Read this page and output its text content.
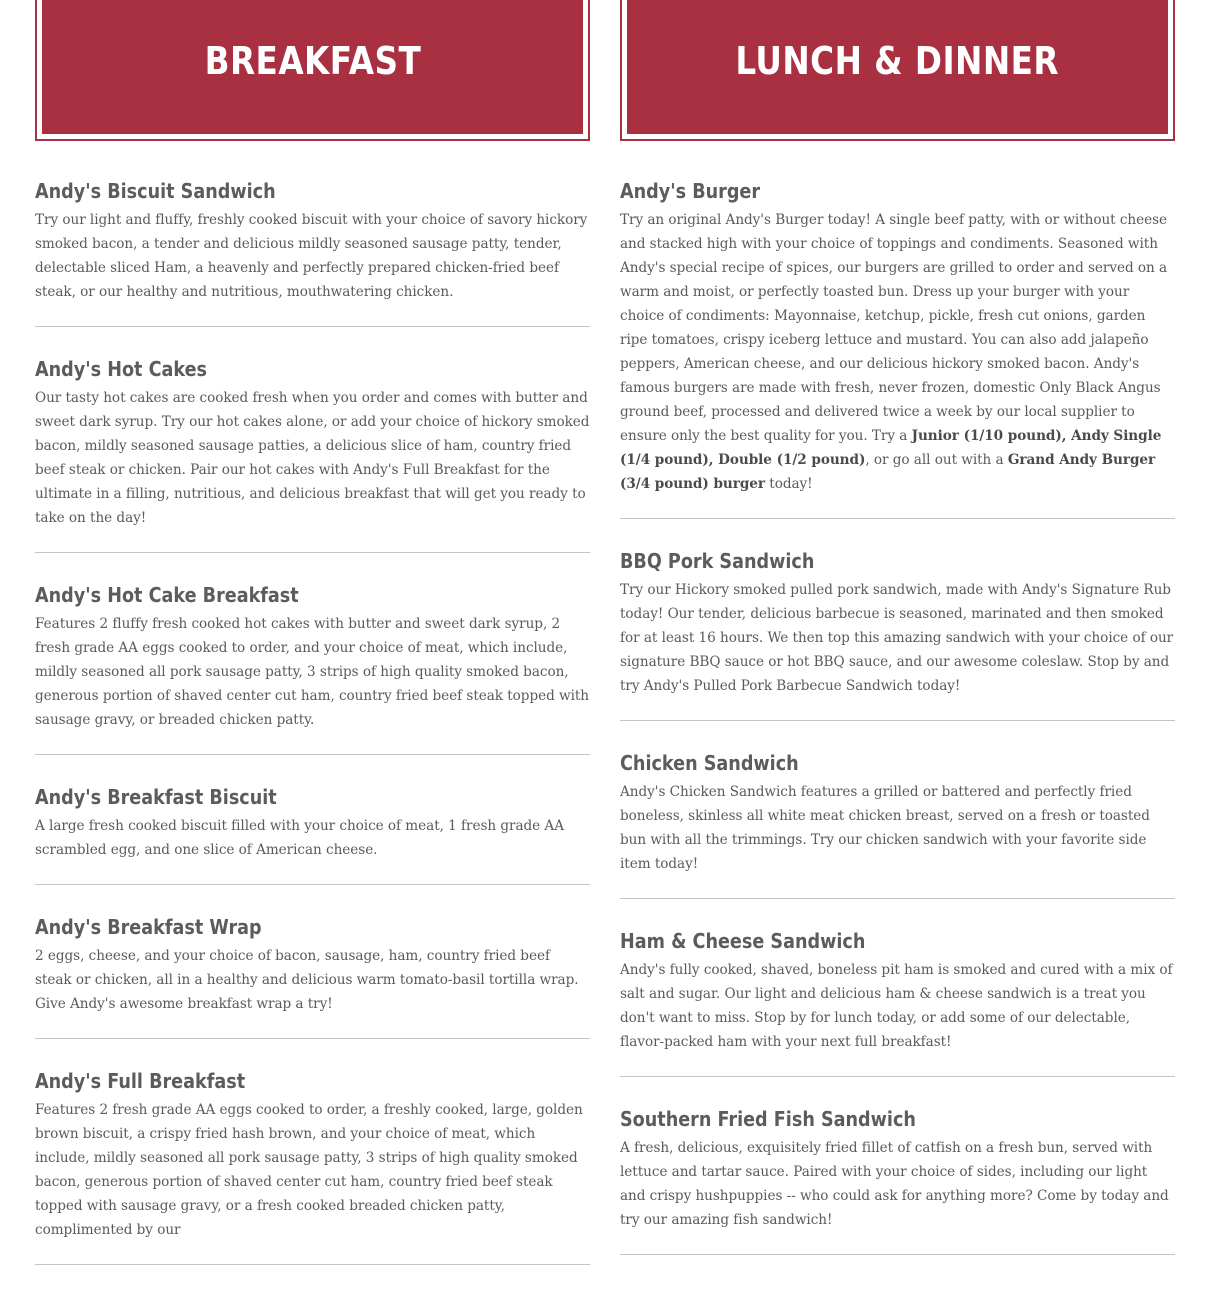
BREAKFAST
Andy's Biscuit Sandwich

Try our light and fluffy, freshly cooked biscuit with your choice of savory hickory smoked bacon, a tender and delicious mildly seasoned sausage patty, tender, delectable sliced Ham, a heavenly and perfectly prepared chicken-fried beef steak, or our healthy and nutritious, mouthwatering chicken.

Andy's Hot Cakes

Our tasty hot cakes are cooked fresh when you order and comes with butter and sweet dark syrup. Try our hot cakes alone, or add your choice of hickory smoked bacon, mildly seasoned sausage patties, a delicious slice of ham, country fried beef steak or chicken. Pair our hot cakes with Andy's Full Breakfast for the ultimate in a filling, nutritious, and delicious breakfast that will get you ready to take on the day!

Andy's Hot Cake Breakfast

Features 2 fluffy fresh cooked hot cakes with butter and sweet dark syrup, 2 fresh grade AA eggs cooked to order, and your choice of meat, which include, mildly seasoned all pork sausage patty, 3 strips of high quality smoked bacon, generous portion of shaved center cut ham, country fried beef steak topped with sausage gravy, or breaded chicken patty.

Andy's Breakfast Biscuit

A large fresh cooked biscuit filled with your choice of meat, 1 fresh grade AA scrambled egg, and one slice of American cheese.

Andy's Breakfast Wrap

2 eggs, cheese, and your choice of bacon, sausage, ham, country fried beef steak or chicken, all in a healthy and delicious warm tomato-basil tortilla wrap. Give Andy's awesome breakfast wrap a try!

Andy's Full Breakfast

Features 2 fresh grade AA eggs cooked to order, a freshly cooked, large, golden brown biscuit, a crispy fried hash brown, and your choice of meat, which include, mildly seasoned all pork sausage patty, 3 strips of high quality smoked bacon, generous portion of shaved center cut ham, country fried beef steak topped with sausage gravy, or a fresh cooked breaded chicken patty, complimented by our

LUNCH & DINNER
Andy's Burger

Try an original Andy's Burger today! A single beef patty, with or without cheese and stacked high with your choice of toppings and condiments. Seasoned with Andy's special recipe of spices, our burgers are grilled to order and served on a warm and moist, or perfectly toasted bun. Dress up your burger with your choice of condiments: Mayonnaise, ketchup, pickle, fresh cut onions, garden ripe tomatoes, crispy iceberg lettuce and mustard. You can also add jalapeño peppers, American cheese, and our delicious hickory smoked bacon. Andy's famous burgers are made with fresh, never frozen, domestic Only Black Angus ground beef, processed and delivered twice a week by our local supplier to ensure only the best quality for you. Try a Junior (1/10 pound), Andy Single (1/4 pound), Double (1/2 pound), or go all out with a Grand Andy Burger (3/4 pound) burger today!

BBQ Pork Sandwich

Try our Hickory smoked pulled pork sandwich, made with Andy's Signature Rub today! Our tender, delicious barbecue is seasoned, marinated and then smoked for at least 16 hours. We then top this amazing sandwich with your choice of our signature BBQ sauce or hot BBQ sauce, and our awesome coleslaw. Stop by and try Andy's Pulled Pork Barbecue Sandwich today!

Chicken Sandwich

Andy's Chicken Sandwich features a grilled or battered and perfectly fried boneless, skinless all white meat chicken breast, served on a fresh or toasted bun with all the trimmings. Try our chicken sandwich with your favorite side item today!

Ham & Cheese Sandwich

Andy's fully cooked, shaved, boneless pit ham is smoked and cured with a mix of salt and sugar. Our light and delicious ham & cheese sandwich is a treat you don't want to miss. Stop by for lunch today, or add some of our delectable, flavor-packed ham with your next full breakfast!

Southern Fried Fish Sandwich

A fresh, delicious, exquisitely fried fillet of catfish on a fresh bun, served with lettuce and tartar sauce. Paired with your choice of sides, including our light and crispy hushpuppies -- who could ask for anything more? Come by today and try our amazing fish sandwich!
